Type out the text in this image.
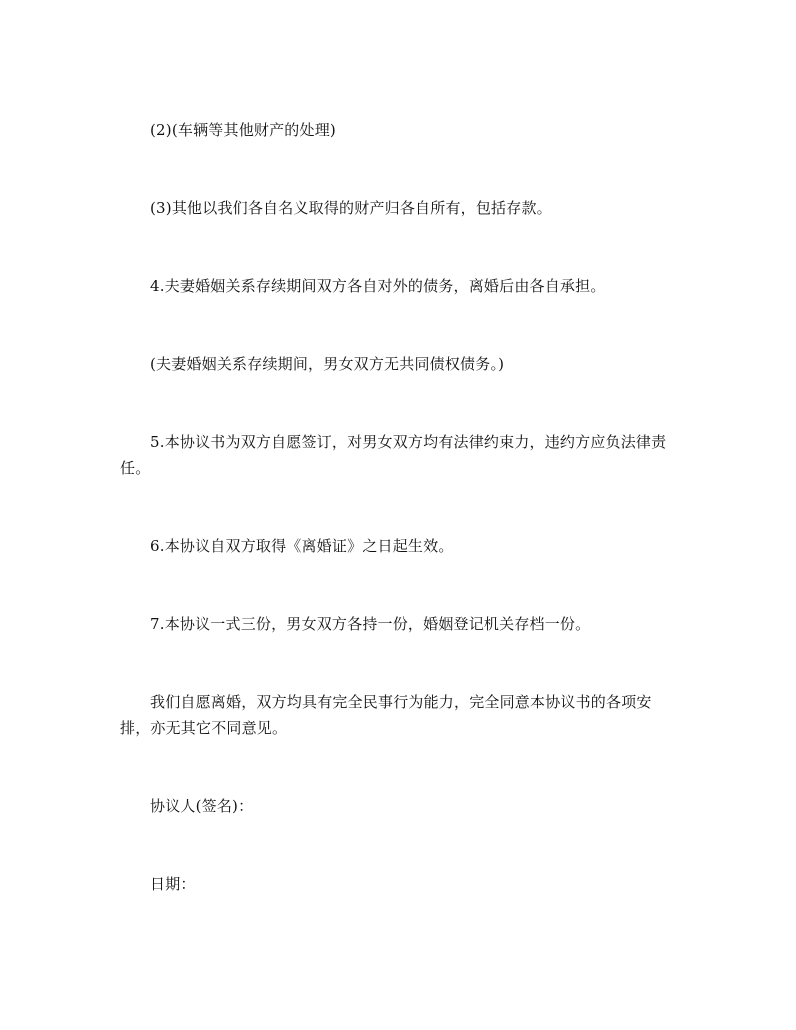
(2)(车辆等其他财产的处理)

(3)其他以我们各自名义取得的财产归各自所有，包括存款。

4.夫妻婚姻关系存续期间双方各自对外的债务，离婚后由各自承担。

(夫妻婚姻关系存续期间，男女双方无共同债权债务。)

5.本协议书为双方自愿签订，对男女双方均有法律约束力，违约方应负法律责
任。

6.本协议自双方取得《离婚证》之日起生效。

7.本协议一式三份，男女双方各持一份，婚姻登记机关存档一份。

我们自愿离婚，双方均具有完全民事行为能力，完全同意本协议书的各项安
排，亦无其它不同意见。

协议人(签名)：

日期：
